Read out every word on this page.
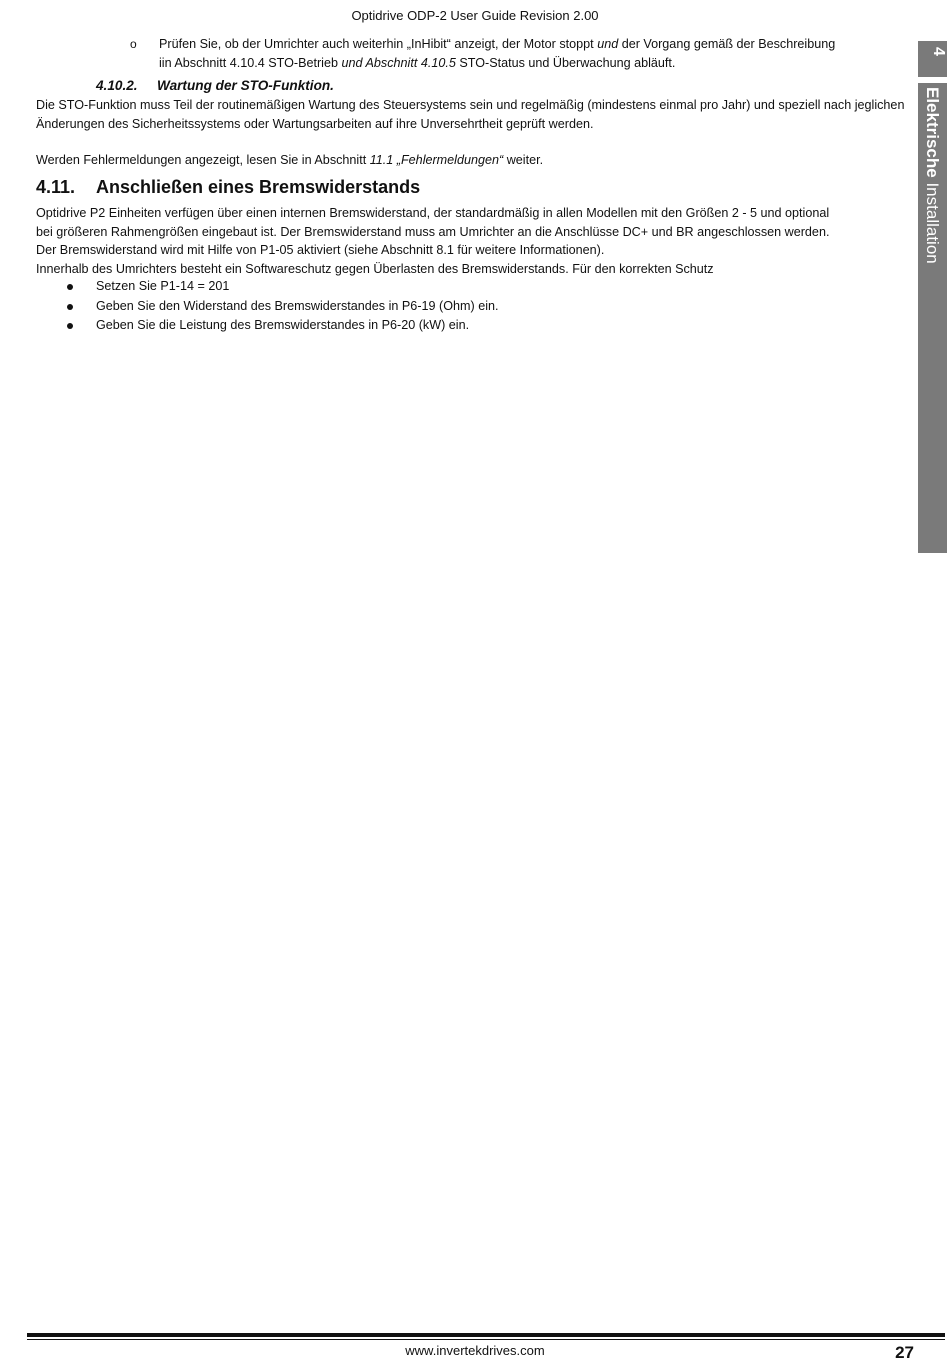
Optidrive ODP-2 User Guide Revision 2.00
o	Prüfen Sie, ob der Umrichter auch weiterhin „InHibit“ anzeigt, der Motor stoppt und der Vorgang gemäß der Beschreibung
iin Abschnitt 4.10.4 STO-Betrieb und Abschnitt 4.10.5 STO-Status und Überwachung abläuft.
4.10.2. Wartung der STO-Funktion.
Die STO-Funktion muss Teil der routinemäßigen Wartung des Steuersystems sein und regelmäßig (mindestens einmal pro Jahr) und speziell nach jeglichen Änderungen des Sicherheitssystems oder Wartungsarbeiten auf ihre Unversehrtheit geprüft werden.
Werden Fehlermeldungen angezeigt, lesen Sie in Abschnitt 11.1 „Fehlermeldungen“ weiter.
4.11. Anschließen eines Bremswiderstands
Optidrive P2 Einheiten verfügen über einen internen Bremswiderstand, der standardmäßig in allen Modellen mit den Größen 2 - 5 und optional
bei größeren Rahmengrößen eingebaut ist. Der Bremswiderstand muss am Umrichter an die Anschlüsse DC+ und BR angeschlossen werden.
Der Bremswiderstand wird mit Hilfe von P1-05 aktiviert (siehe Abschnitt 8.1 für weitere Informationen).
Innerhalb des Umrichters besteht ein Softwareschutz gegen Überlasten des Bremswiderstands. Für den korrekten Schutz
Setzen Sie P1-14 = 201
Geben Sie den Widerstand des Bremswiderstandes in P6-19 (Ohm) ein.
Geben Sie die Leistung des Bremswiderstandes in P6-20 (kW) ein.
4
Elektrische Installation
www.invertekdrives.com	27
